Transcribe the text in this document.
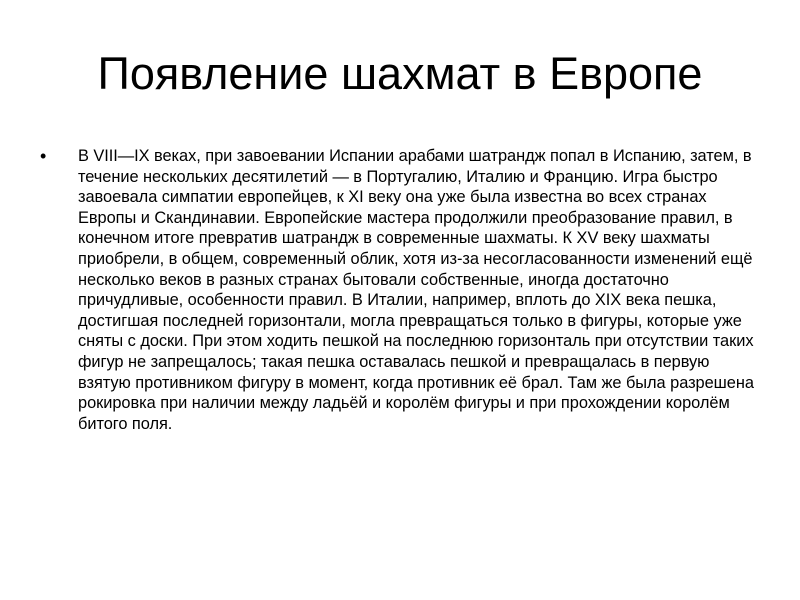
Появление шахмат в Европе
• В VIII—IX веках, при завоевании Испании арабами шатрандж попал в Испанию, затем, в течение нескольких десятилетий — в Португалию, Италию и Францию. Игра быстро завоевала симпатии европейцев, к XI веку она уже была известна во всех странах Европы и Скандинавии. Европейские мастера продолжили преобразование правил, в конечном итоге превратив шатрандж в современные шахматы. К XV веку шахматы приобрели, в общем, современный облик, хотя из-за несогласованности изменений ещё несколько веков в разных странах бытовали собственные, иногда достаточно причудливые, особенности правил. В Италии, например, вплоть до XIX века пешка, достигшая последней горизонтали, могла превращаться только в фигуры, которые уже сняты с доски. При этом ходить пешкой на последнюю горизонталь при отсутствии таких фигур не запрещалось; такая пешка оставалась пешкой и превращалась в первую взятую противником фигуру в момент, когда противник её брал. Там же была разрешена рокировка при наличии между ладьёй и королём фигуры и при прохождении королём битого поля.
